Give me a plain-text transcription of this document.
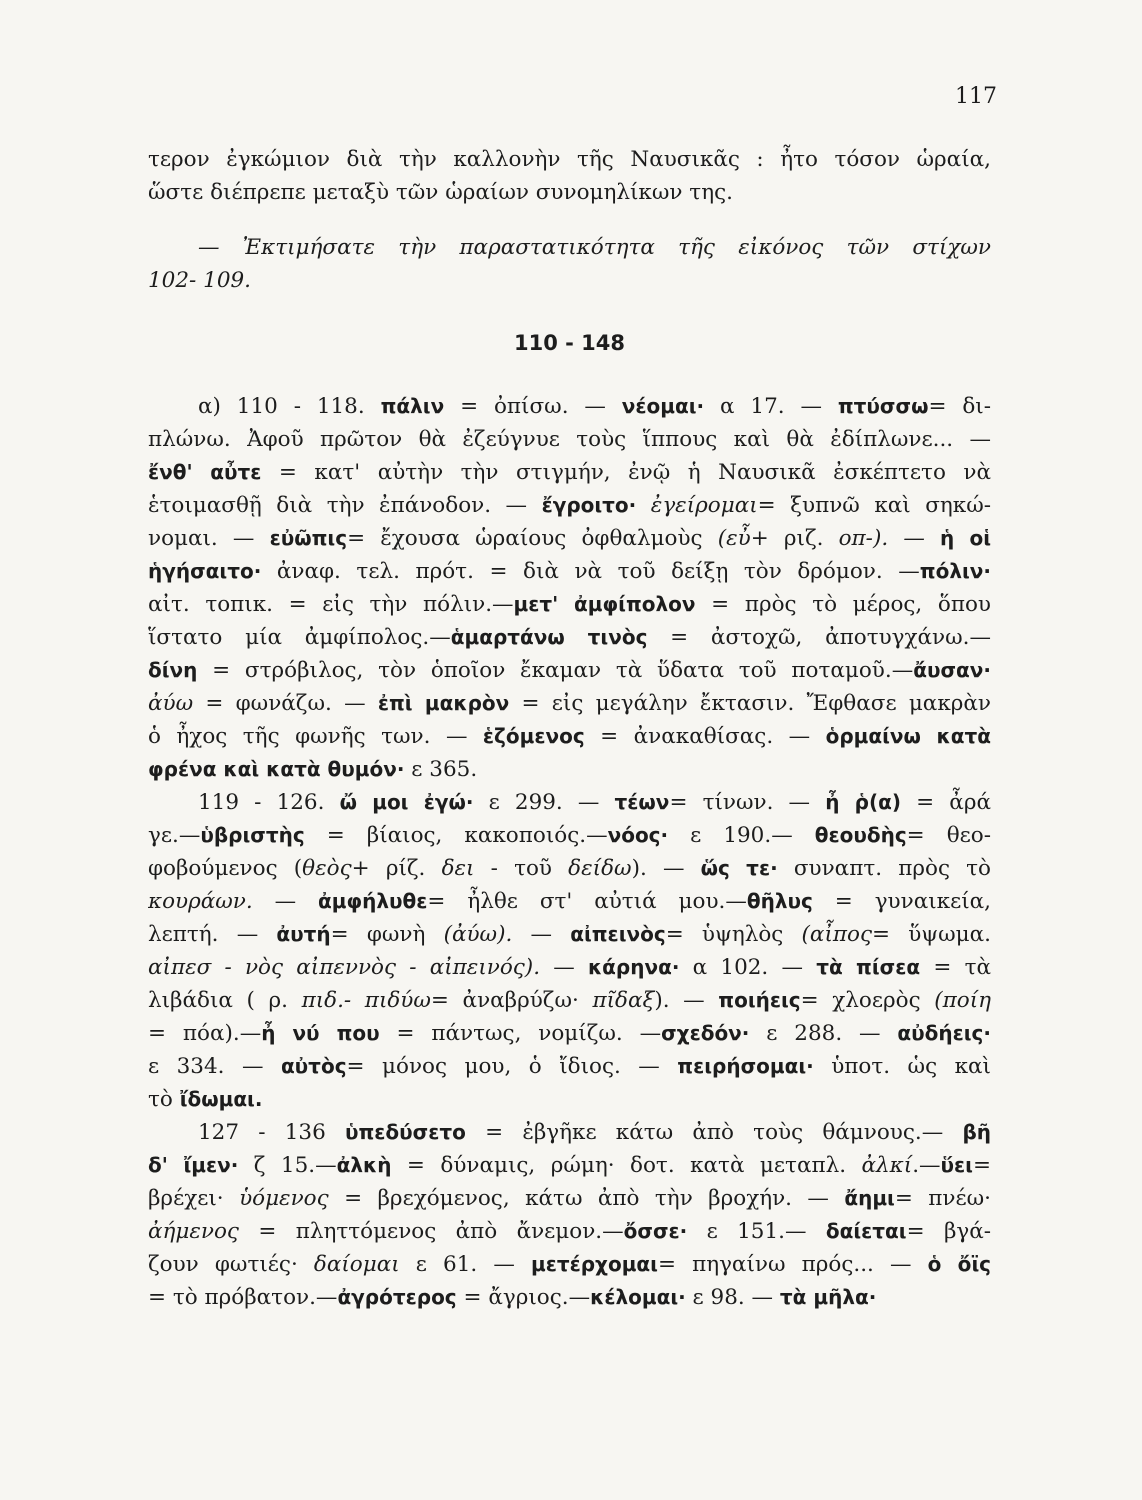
117
τερον ἐγκώμιον διὰ τὴν καλλονὴν τῆς Ναυσικᾶς : ἦτο τόσον ὡραία,
ὥστε διέπρεπε μεταξὺ τῶν ὡραίων συνομηλίκων της.
— Ἐκτιμήσατε τὴν παραστατικότητα τῆς εἰκόνος τῶν στίχων
102- 109.
110 - 148
α) 110 - 118. πάλιν = ὀπίσω. — νέομαι· α 17. — πτύσσω= δι-
πλώνω. Ἀφοῦ πρῶτον θὰ ἐζεύγνυε τοὺς ἵππους καὶ θὰ ἐδίπλωνε... —
ἔνθ' αὖτε = κατ' αὐτὴν τὴν στιγμήν, ἐνῷ ἡ Ναυσικᾶ ἐσκέπτετο νὰ
ἑτοιμασθῇ διὰ τὴν ἐπάνοδον. — ἔγροιτο· ἐγείρομαι= ξυπνῶ καὶ σηκώ-
νομαι. — εὐῶπις= ἔχουσα ὡραίους ὀφθαλμοὺς (εὖ+ ριζ. οπ-). — ἡ οἱ
ἡγήσαιτο· ἀναφ. τελ. πρότ. = διὰ νὰ τοῦ δείξῃ τὸν δρόμον. —πόλιν·
αἰτ. τοπικ. = εἰς τὴν πόλιν.—μετ' ἀμφίπολον = πρὸς τὸ μέρος, ὅπου
ἵστατο μία ἀμφίπολος.—ἁμαρτάνω τινὸς = ἀστοχῶ, ἀποτυγχάνω.—
δίνη = στρόβιλος, τὸν ὁποῖον ἔκαμαν τὰ ὕδατα τοῦ ποταμοῦ.—ἄυσαν·
ἀύω = φωνάζω. — ἐπὶ μακρὸν = εἰς μεγάλην ἔκτασιν. Ἔφθασε μακρὰν
ὁ ἦχος τῆς φωνῆς των. — ἑζόμενος = ἀνακαθίσας. — ὁρμαίνω κατὰ
φρένα καὶ κατὰ θυμόν· ε 365.
119 - 126. ὤ μοι ἐγώ· ε 299. — τέων= τίνων. — ἦ ῥ(α) = ἆρά
γε.—ὑβριστὴς = βίαιος, κακοποιός.—νόος· ε 190.— θεουδὴς= θεο-
φοβούμενος (θεὸς+ ρίζ. δει - τοῦ δείδω). — ὥς τε· συναπτ. πρὸς τὸ
κουράων. — ἀμφήλυθε= ἦλθε στ' αὐτιά μου.—θῆλυς = γυναικεία,
λεπτή. — ἀυτή= φωνὴ (ἀύω). — αἰπεινὸς= ὑψηλὸς (αἶπος= ὕψωμα.
αἰπεσ - νὸς αἰπεννὸς - αἰπεινός). — κάρηνα· α 102. — τὰ πίσεα = τὰ
λιβάδια ( ρ. πιδ.- πιδύω= ἀναβρύζω· πῖδαξ). — ποιήεις= χλοερὸς (ποίη
= πόα).—ἦ νύ που = πάντως, νομίζω. —σχεδόν· ε 288. — αὐδήεις·
ε 334. — αὐτὸς= μόνος μου, ὁ ἴδιος. — πειρήσομαι· ὑποτ. ὡς καὶ
τὸ ἴδωμαι.
127 - 136 ὑπεδύσετο = ἐβγῆκε κάτω ἀπὸ τοὺς θάμνους.— βῆ
δ' ἴμεν· ζ 15.—ἀλκὴ = δύναμις, ρώμη· δοτ. κατὰ μεταπλ. ἀλκί.—ὕει=
βρέχει· ὑόμενος = βρεχόμενος, κάτω ἀπὸ τὴν βροχήν. — ἄημι= πνέω·
ἀήμενος = πληττόμενος ἀπὸ ἄνεμον.—ὄσσε· ε 151.— δαίεται= βγά-
ζουν φωτιές· δαίομαι ε 61. — μετέρχομαι= πηγαίνω πρός... — ὁ ὄϊς
= τὸ πρόβατον.—ἀγρότερος = ἄγριος.—κέλομαι· ε 98. — τὰ μῆλα·
